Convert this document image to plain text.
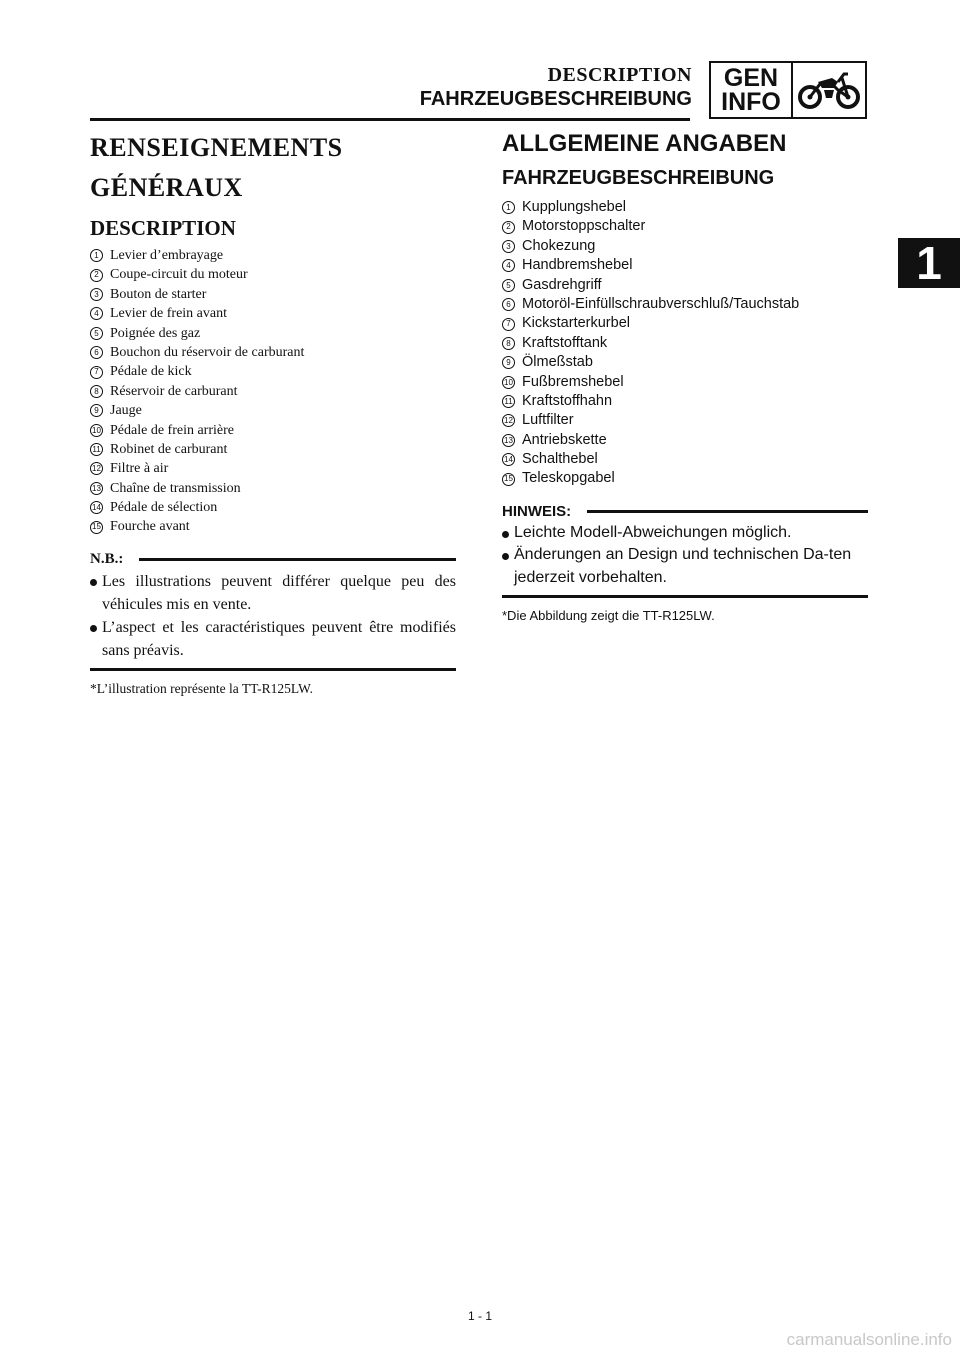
DESCRIPTION
FAHRZEUGBESCHREIBUNG
GEN
INFO
1
RENSEIGNEMENTS
GÉNÉRAUX
DESCRIPTION
1 Levier d’embrayage
2 Coupe-circuit du moteur
3 Bouton de starter
4 Levier de frein avant
5 Poignée des gaz
6 Bouchon du réservoir de carburant
7 Pédale de kick
8 Réservoir de carburant
9 Jauge
10 Pédale de frein arrière
11 Robinet de carburant
12 Filtre à air
13 Chaîne de transmission
14 Pédale de sélection
15 Fourche avant
N.B.:
Les illustrations peuvent différer quelque peu des véhicules mis en vente.
L’aspect et les caractéristiques peuvent être modifiés sans préavis.
*L’illustration représente la TT-R125LW.
ALLGEMEINE ANGABEN
FAHRZEUGBESCHREIBUNG
1 Kupplungshebel
2 Motorstoppschalter
3 Chokezung
4 Handbremshebel
5 Gasdrehgriff
6 Motoröl-Einfüllschraubverschluß/Tauchstab
7 Kickstarterkurbel
8 Kraftstofftank
9 Ölmeßstab
10 Fußbremshebel
11 Kraftstoffhahn
12 Luftfilter
13 Antriebskette
14 Schalthebel
15 Teleskopgabel
HINWEIS:
Leichte Modell-Abweichungen möglich.
Änderungen an Design und technischen Da-ten jederzeit vorbehalten.
*Die Abbildung zeigt die TT-R125LW.
1 - 1
carmanualsonline.info
